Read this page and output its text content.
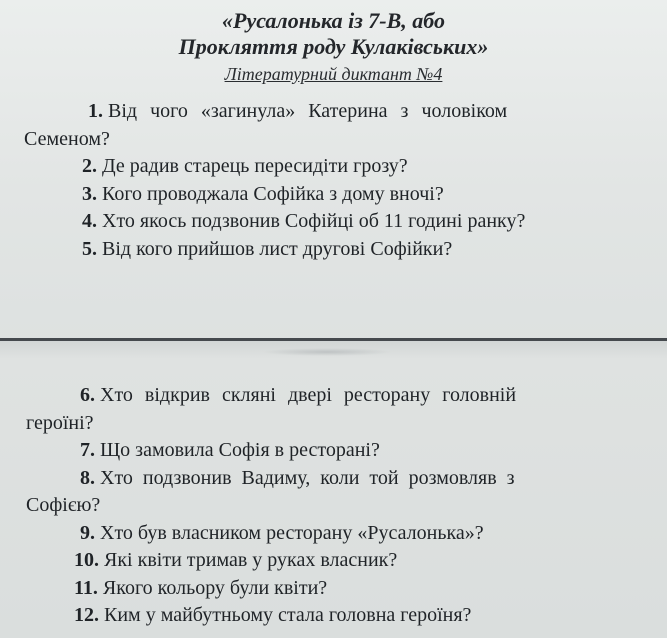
«Русалонька із 7-В, або
Прокляття роду Кулаківських»
Літературний диктант №4
1. Від чого «загинула» Катерина з чоловіком
Семеном?
2. Де радив старець пересидіти грозу?
3. Кого проводжала Софійка з дому вночі?
4. Хто якось подзвонив Софійці об 11 годині ранку?
5. Від кого прийшов лист другові Софійки?
6. Хто відкрив скляні двері ресторану головній
героїні?
7. Що замовила Софія в ресторані?
8. Хто подзвонив Вадиму, коли той розмовляв з
Софією?
9. Хто був власником ресторану «Русалонька»?
10. Які квіти тримав у руках власник?
11. Якого кольору були квіти?
12. Ким у майбутньому стала головна героїня?
